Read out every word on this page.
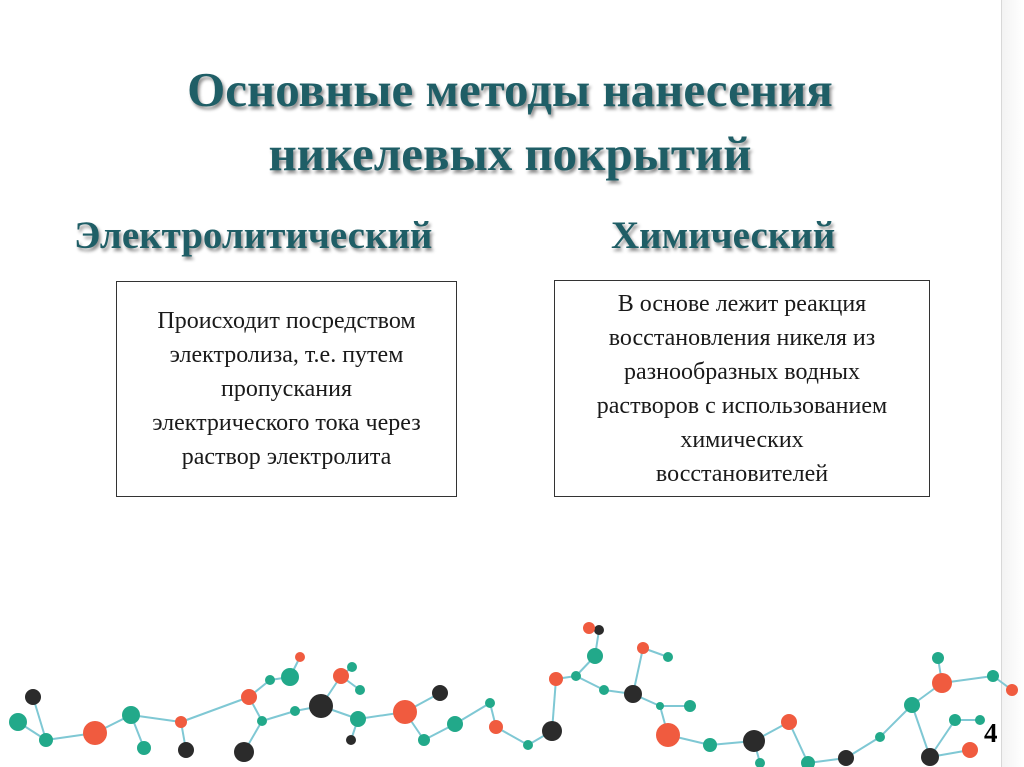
Основные методы нанесения
никелевых покрытий
Электролитический	Химический
Происходит посредством
электролиза, т.е. путем
пропускания
электрического тока через
раствор электролита
В основе лежит реакция
восстановления никеля из
разнообразных водных
растворов с использованием
химических
восстановителей
4
